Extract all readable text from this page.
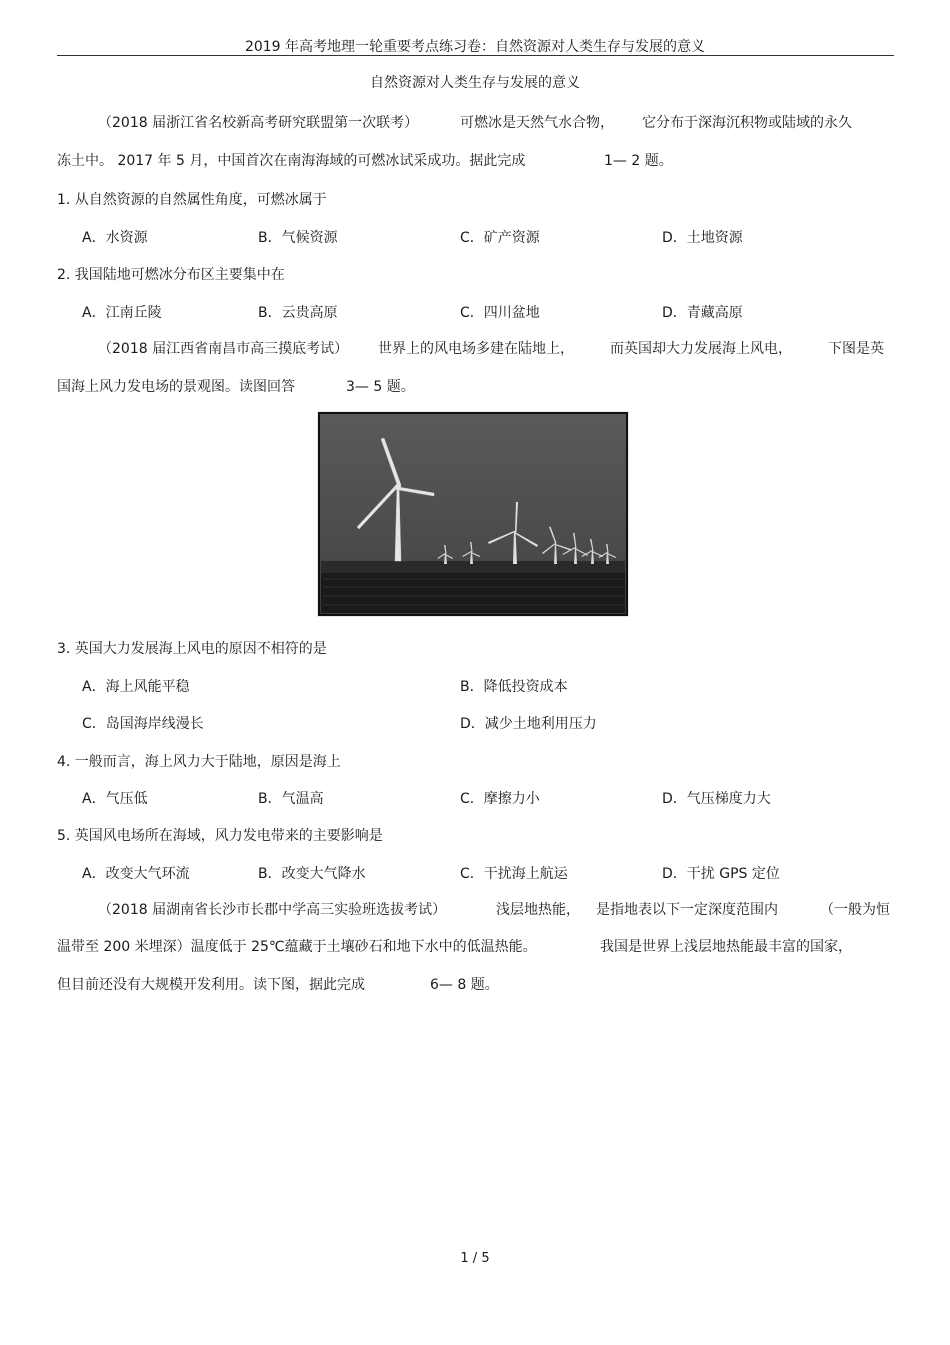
2019 年高考地理一轮重要考点练习卷：自然资源对人类生存与发展的意义
自然资源对人类生存与发展的意义
（2018 届浙江省名校新高考研究联盟第一次联考）	可燃冰是天然气水合物， 它分布于深海沉积物或陆域的永久
冻土中。 2017 年 5 月，中国首次在南海海域的可燃冰试采成功。据此完成	1— 2 题。
1. 从自然资源的自然属性角度，可燃冰属于
A．水资源	B．气候资源	C．矿产资源	D．土地资源
2. 我国陆地可燃冰分布区主要集中在
A．江南丘陵	B．云贵高原	C．四川盆地	D．青藏高原
（2018 届江西省南昌市高三摸底考试） 世界上的风电场多建在陆地上，	而英国却大力发展海上风电，	下图是英
国海上风力发电场的景观图。读图回答	3— 5 题。
3. 英国大力发展海上风电的原因不相符的是
A．海上风能平稳	B．降低投资成本
C．岛国海岸线漫长	D．减少土地利用压力
4. 一般而言，海上风力大于陆地，原因是海上
A．气压低	B．气温高	C．摩擦力小	D．气压梯度力大
5. 英国风电场所在海域，风力发电带来的主要影响是
A．改变大气环流	B．改变大气降水	C．干扰海上航运	D．干扰 GPS 定位
（2018 届湖南省长沙市长郡中学高三实验班选拔考试）	浅层地热能， 是指地表以下一定深度范围内	（一般为恒
温带至 200 米埋深）温度低于 25℃蕴藏于土壤砂石和地下水中的低温热能。	我国是世界上浅层地热能最丰富的国家，
但目前还没有大规模开发利用。读下图，据此完成	6— 8 题。
1 / 5
